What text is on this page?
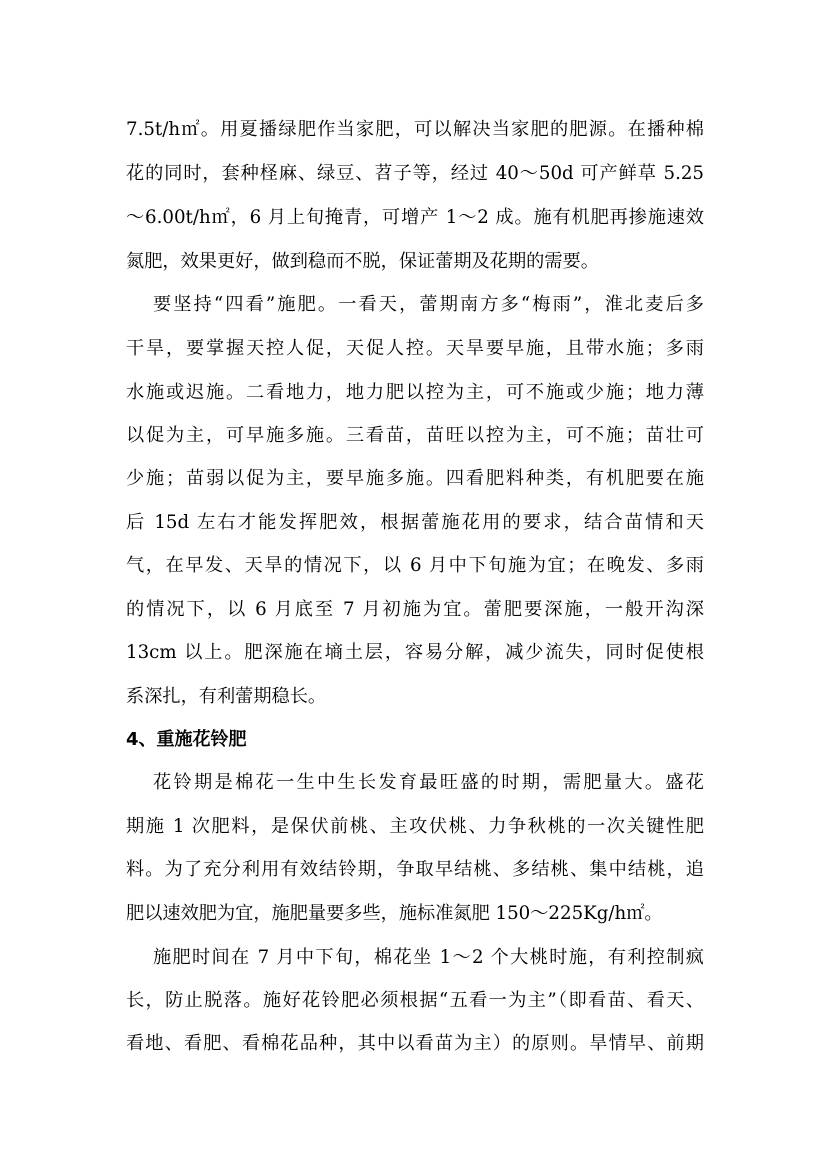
7.5t/h㎡。用夏播绿肥作当家肥，可以解决当家肥的肥源。在播种棉
花的同时，套种柽麻、绿豆、苕子等，经过 40～50d 可产鲜草 5.25
～6.00t/h㎡，6 月上旬掩青，可增产 1～2 成。施有机肥再掺施速效
氮肥，效果更好，做到稳而不脱，保证蕾期及花期的需要。
要坚持“四看”施肥。一看天，蕾期南方多“梅雨”，淮北麦后多
干旱，要掌握天控人促，天促人控。天旱要早施，且带水施；多雨
水施或迟施。二看地力，地力肥以控为主，可不施或少施；地力薄
以促为主，可早施多施。三看苗，苗旺以控为主，可不施；苗壮可
少施；苗弱以促为主，要早施多施。四看肥料种类，有机肥要在施
后 15d 左右才能发挥肥效，根据蕾施花用的要求，结合苗情和天
气，在早发、天旱的情况下，以 6 月中下旬施为宜；在晚发、多雨
的情况下，以 6 月底至 7 月初施为宜。蕾肥要深施，一般开沟深
13cm 以上。肥深施在墒土层，容易分解，减少流失，同时促使根
系深扎，有利蕾期稳长。
4、重施花铃肥
花铃期是棉花一生中生长发育最旺盛的时期，需肥量大。盛花
期施 1 次肥料，是保伏前桃、主攻伏桃、力争秋桃的一次关键性肥
料。为了充分利用有效结铃期，争取早结桃、多结桃、集中结桃，追
肥以速效肥为宜，施肥量要多些，施标准氮肥 150～225Kg/h㎡。
施肥时间在 7 月中下旬，棉花坐 1～2 个大桃时施，有利控制疯
长，防止脱落。施好花铃肥必须根据“五看一为主”（即看苗、看天、
看地、看肥、看棉花品种，其中以看苗为主）的原则。旱情早、前期
